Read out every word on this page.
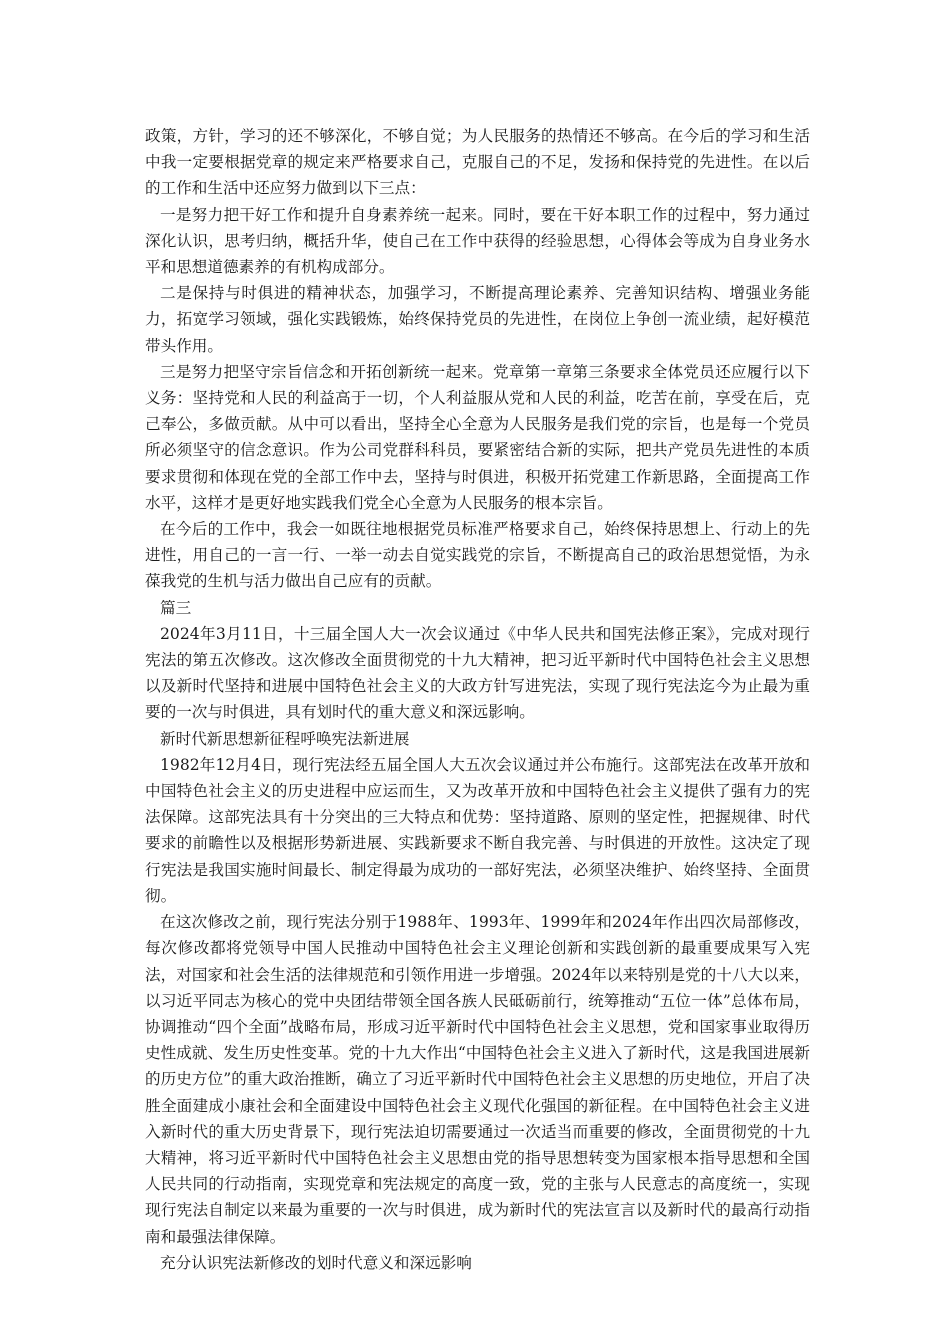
政策，方针，学习的还不够深化，不够自觉；为人民服务的热情还不够高。在今后的学习和生活中我一定要根据党章的规定来严格要求自己，克服自己的不足，发扬和保持党的先进性。在以后的工作和生活中还应努力做到以下三点：

一是努力把干好工作和提升自身素养统一起来。同时，要在干好本职工作的过程中，努力通过深化认识，思考归纳，概括升华，使自己在工作中获得的经验思想，心得体会等成为自身业务水平和思想道德素养的有机构成部分。

二是保持与时俱进的精神状态，加强学习，不断提高理论素养、完善知识结构、增强业务能力，拓宽学习领域，强化实践锻炼，始终保持党员的先进性，在岗位上争创一流业绩，起好模范带头作用。

三是努力把坚守宗旨信念和开拓创新统一起来。党章第一章第三条要求全体党员还应履行以下义务：坚持党和人民的利益高于一切，个人利益服从党和人民的利益，吃苦在前，享受在后，克己奉公，多做贡献。从中可以看出，坚持全心全意为人民服务是我们党的宗旨，也是每一个党员所必须坚守的信念意识。作为公司党群科科员，要紧密结合新的实际，把共产党员先进性的本质要求贯彻和体现在党的全部工作中去，坚持与时俱进，积极开拓党建工作新思路，全面提高工作水平，这样才是更好地实践我们党全心全意为人民服务的根本宗旨。

在今后的工作中，我会一如既往地根据党员标准严格要求自己，始终保持思想上、行动上的先进性，用自己的一言一行、一举一动去自觉实践党的宗旨，不断提高自己的政治思想觉悟，为永葆我党的生机与活力做出自己应有的贡献。

篇三

2024年3月11日，十三届全国人大一次会议通过《中华人民共和国宪法修正案》，完成对现行宪法的第五次修改。这次修改全面贯彻党的十九大精神，把习近平新时代中国特色社会主义思想以及新时代坚持和进展中国特色社会主义的大政方针写进宪法，实现了现行宪法迄今为止最为重要的一次与时俱进，具有划时代的重大意义和深远影响。

新时代新思想新征程呼唤宪法新进展

1982年12月4日，现行宪法经五届全国人大五次会议通过并公布施行。这部宪法在改革开放和中国特色社会主义的历史进程中应运而生，又为改革开放和中国特色社会主义提供了强有力的宪法保障。这部宪法具有十分突出的三大特点和优势：坚持道路、原则的坚定性，把握规律、时代要求的前瞻性以及根据形势新进展、实践新要求不断自我完善、与时俱进的开放性。这决定了现行宪法是我国实施时间最长、制定得最为成功的一部好宪法，必须坚决维护、始终坚持、全面贯彻。

在这次修改之前，现行宪法分别于1988年、1993年、1999年和2024年作出四次局部修改，每次修改都将党领导中国人民推动中国特色社会主义理论创新和实践创新的最重要成果写入宪法，对国家和社会生活的法律规范和引领作用进一步增强。2024年以来特别是党的十八大以来，以习近平同志为核心的党中央团结带领全国各族人民砥砺前行，统筹推动“五位一体”总体布局，协调推动“四个全面”战略布局，形成习近平新时代中国特色社会主义思想，党和国家事业取得历史性成就、发生历史性变革。党的十九大作出“中国特色社会主义进入了新时代，这是我国进展新的历史方位”的重大政治推断，确立了习近平新时代中国特色社会主义思想的历史地位，开启了决胜全面建成小康社会和全面建设中国特色社会主义现代化强国的新征程。在中国特色社会主义进入新时代的重大历史背景下，现行宪法迫切需要通过一次适当而重要的修改，全面贯彻党的十九大精神，将习近平新时代中国特色社会主义思想由党的指导思想转变为国家根本指导思想和全国人民共同的行动指南，实现党章和宪法规定的高度一致，党的主张与人民意志的高度统一，实现现行宪法自制定以来最为重要的一次与时俱进，成为新时代的宪法宣言以及新时代的最高行动指南和最强法律保障。

充分认识宪法新修改的划时代意义和深远影响
